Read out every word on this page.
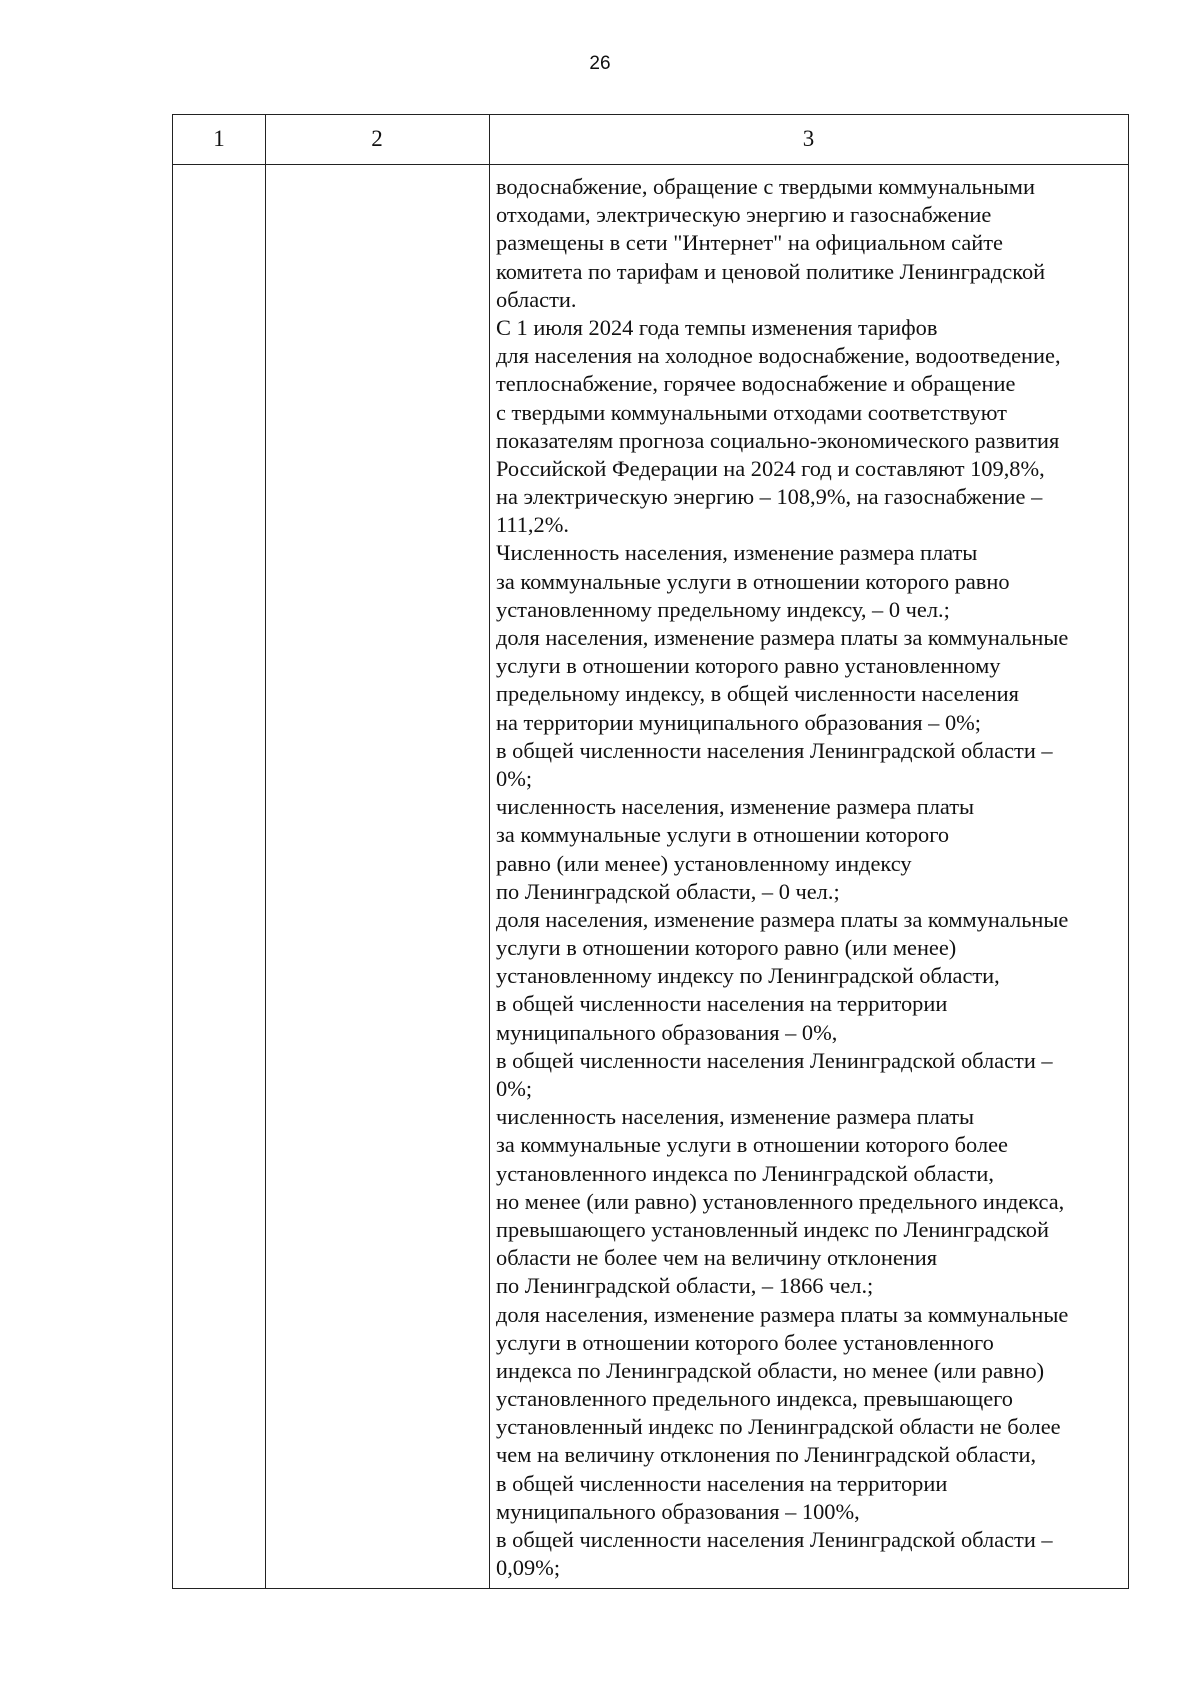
26
1	2	3
водоснабжение, обращение с твердыми коммунальными
отходами, электрическую энергию и газоснабжение
размещены в сети "Интернет" на официальном сайте
комитета по тарифам и ценовой политике Ленинградской
области.
С 1 июля 2024 года темпы изменения тарифов
для населения на холодное водоснабжение, водоотведение,
теплоснабжение, горячее водоснабжение и обращение
с твердыми коммунальными отходами соответствуют
показателям прогноза социально-экономического развития
Российской Федерации на 2024 год и составляют 109,8%,
на электрическую энергию – 108,9%, на газоснабжение –
111,2%.
Численность населения, изменение размера платы
за коммунальные услуги в отношении которого равно
установленному предельному индексу, – 0 чел.;
доля населения, изменение размера платы за коммунальные
услуги в отношении которого равно установленному
предельному индексу, в общей численности населения
на территории муниципального образования – 0%;
в общей численности населения Ленинградской области –
0%;
численность населения, изменение размера платы
за коммунальные услуги в отношении которого
равно (или менее) установленному индексу
по Ленинградской области, – 0 чел.;
доля населения, изменение размера платы за коммунальные
услуги в отношении которого равно (или менее)
установленному индексу по Ленинградской области,
в общей численности населения на территории
муниципального образования – 0%,
в общей численности населения Ленинградской области –
0%;
численность населения, изменение размера платы
за коммунальные услуги в отношении которого более
установленного индекса по Ленинградской области,
но менее (или равно) установленного предельного индекса,
превышающего установленный индекс по Ленинградской
области не более чем на величину отклонения
по Ленинградской области, – 1866 чел.;
доля населения, изменение размера платы за коммунальные
услуги в отношении которого более установленного
индекса по Ленинградской области, но менее (или равно)
установленного предельного индекса, превышающего
установленный индекс по Ленинградской области не более
чем на величину отклонения по Ленинградской области,
в общей численности населения на территории
муниципального образования – 100%,
в общей численности населения Ленинградской области –
0,09%;
